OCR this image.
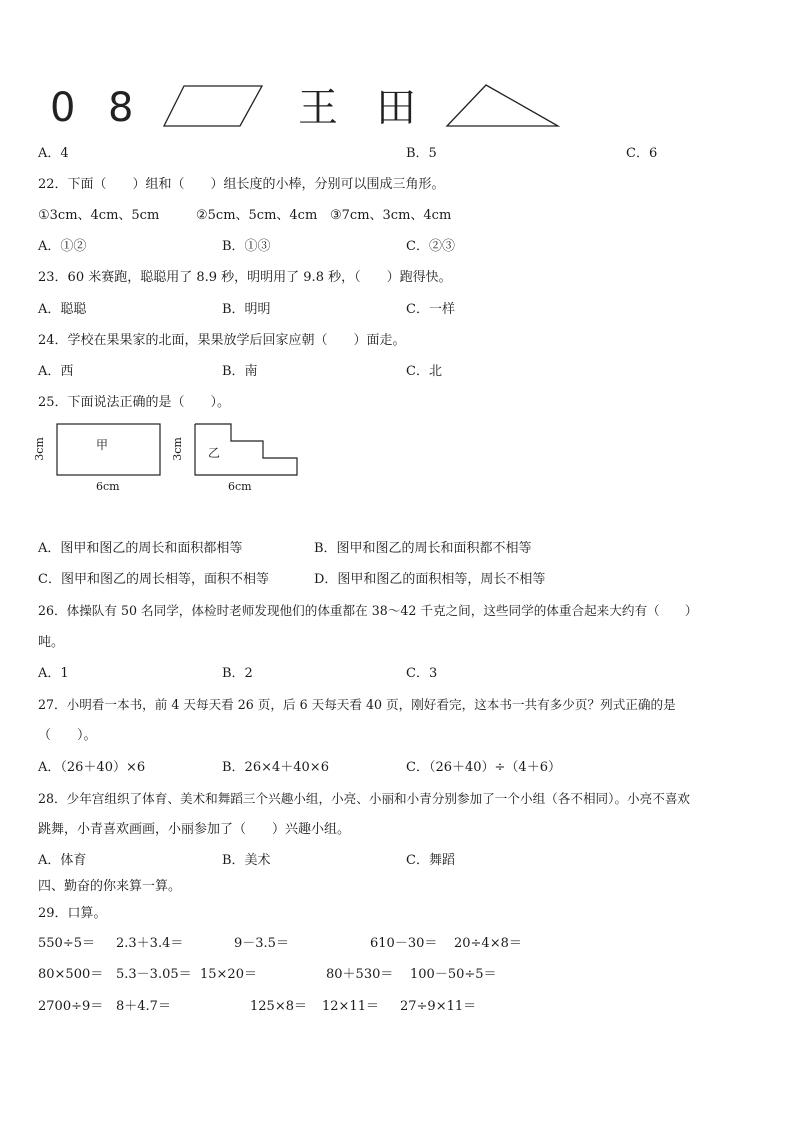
0 8	王 田
A．4	B．5	C．6
22．下面（　　）组和（　　）组长度的小棒，分别可以围成三角形。
①3cm、4cm、5cm	②5cm、5cm、4cm ③7cm、3cm、4cm
A．①②	B．①③	C．②③
23．60 米赛跑，聪聪用了 8.9 秒，明明用了 9.8 秒，（　　）跑得快。
A．聪聪	B．明明	C．一样
24．学校在果果家的北面，果果放学后回家应朝（　　）面走。
A．西	B．南	C．北
25．下面说法正确的是（　　）。
甲
3cm
6cm
乙
3cm
6cm
A．图甲和图乙的周长和面积都相等	B．图甲和图乙的周长和面积都不相等
C．图甲和图乙的周长相等，面积不相等	D．图甲和图乙的面积相等，周长不相等
26．体操队有 50 名同学，体检时老师发现他们的体重都在 38～42 千克之间，这些同学的体重合起来大约有（　　）
吨。
A．1	B．2	C．3
27．小明看一本书，前 4 天每天看 26 页，后 6 天每天看 40 页，刚好看完，这本书一共有多少页？列式正确的是
（　　）。
A．（26＋40）×6	B．26×4＋40×6	C．（26＋40）÷（4＋6）
28．少年宫组织了体育、美术和舞蹈三个兴趣小组，小亮、小丽和小青分别参加了一个小组（各不相同）。小亮不喜欢
跳舞，小青喜欢画画，小丽参加了（　　）兴趣小组。
A．体育	B．美术	C．舞蹈
四、勤奋的你来算一算。
29．口算。
550÷5＝ 2.3＋3.4＝	9－3.5＝	610－30＝ 20÷4×8＝
80×500＝ 5.3－3.05＝ 15×20＝	80＋530＝ 100－50÷5＝
2700÷9＝ 8＋4.7＝	125×8＝ 12×11＝ 27÷9×11＝
